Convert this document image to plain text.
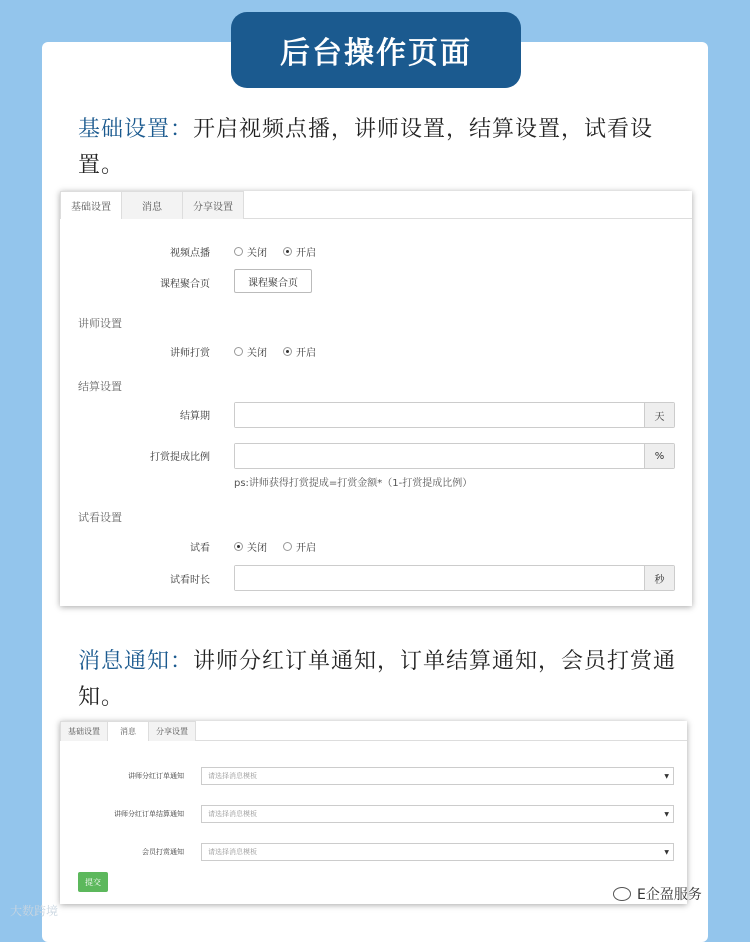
后台操作页面
基础设置：开启视频点播，讲师设置，结算设置，试看设置。
基础设置	消息	分享设置
视频点播	关闭	开启
课程聚合页	课程聚合页
讲师设置
讲师打赏	关闭	开启
结算设置
结算期	天
打赏提成比例	%
ps:讲师获得打赏提成=打赏金额*（1-打赏提成比例）
试看设置
试看	关闭	开启
试看时长	秒
消息通知：讲师分红订单通知，订单结算通知，会员打赏通知。
基础设置	消息	分享设置
讲师分红订单通知	请选择消息模板	▼
讲师分红订单结算通知	请选择消息模板	▼
会员打赏通知	请选择消息模板	▼
提交
大数跨境
E企盈服务
